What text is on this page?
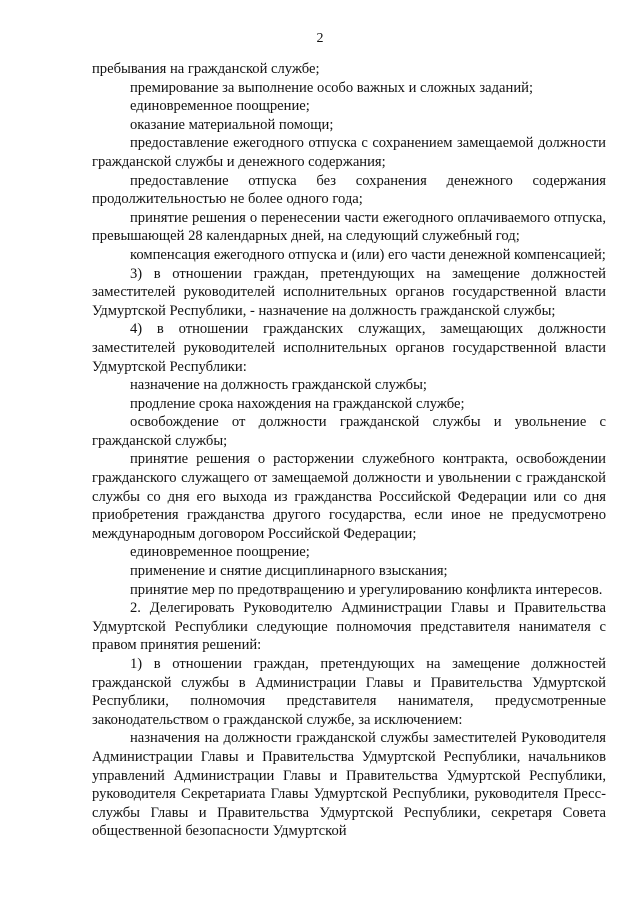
2

пребывания на гражданской службе;

премирование за выполнение особо важных и сложных заданий;

единовременное поощрение;

оказание материальной помощи;

предоставление ежегодного отпуска с сохранением замещаемой должности гражданской службы и денежного содержания;

предоставление отпуска без сохранения денежного содержания продолжительностью не более одного года;

принятие решения о перенесении части ежегодного оплачиваемого отпуска, превышающей 28 календарных дней, на следующий служебный год;

компенсация ежегодного отпуска и (или) его части денежной компенсацией;

3) в отношении граждан, претендующих на замещение должностей заместителей руководителей исполнительных органов государственной власти Удмуртской Республики, - назначение на должность гражданской службы;

4) в отношении гражданских служащих, замещающих должности заместителей руководителей исполнительных органов государственной власти Удмуртской Республики:

назначение на должность гражданской службы;

продление срока нахождения на гражданской службе;

освобождение от должности гражданской службы и увольнение с гражданской службы;

принятие решения о расторжении служебного контракта, освобождении гражданского служащего от замещаемой должности и увольнении с гражданской службы со дня его выхода из гражданства Российской Федерации или со дня приобретения гражданства другого государства, если иное не предусмотрено международным договором Российской Федерации;

единовременное поощрение;

применение и снятие дисциплинарного взыскания;

принятие мер по предотвращению и урегулированию конфликта интересов.

2. Делегировать Руководителю Администрации Главы и Правительства Удмуртской Республики следующие полномочия представителя нанимателя с правом принятия решений:

1) в отношении граждан, претендующих на замещение должностей гражданской службы в Администрации Главы и Правительства Удмуртской Республики, полномочия представителя нанимателя, предусмотренные законодательством о гражданской службе, за исключением:

назначения на должности гражданской службы заместителей Руководителя Администрации Главы и Правительства Удмуртской Республики, начальников управлений Администрации Главы и Правительства Удмуртской Республики, руководителя Секретариата Главы Удмуртской Республики, руководителя Пресс-службы Главы и Правительства Удмуртской Республики, секретаря Совета общественной безопасности Удмуртской
